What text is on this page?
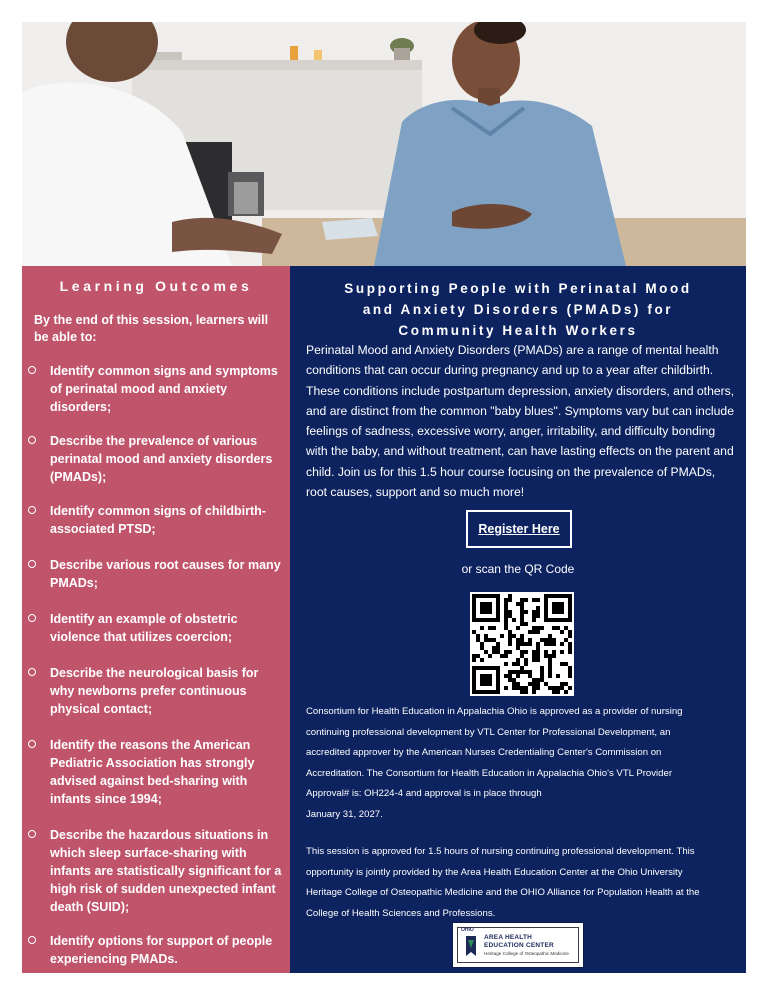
Learning Outcomes
By the end of this session, learners will be able to:
Identify common signs and symptoms of perinatal mood and anxiety disorders;
Describe the prevalence of various perinatal mood and anxiety disorders (PMADs);
Identify common signs of childbirth-associated PTSD;
Describe various root causes for many PMADs;
Identify an example of obstetric violence that utilizes coercion;
Describe the neurological basis for why newborns prefer continuous physical contact;
Identify the reasons the American Pediatric Association has strongly advised against bed-sharing with infants since 1994;
Describe the hazardous situations in which sleep surface-sharing with infants are statistically significant for a high risk of sudden unexpected infant death (SUID);
Identify options for support of people experiencing PMADs.
Supporting People with Perinatal Mood
and Anxiety Disorders (PMADs) for
Community Health Workers
Perinatal Mood and Anxiety Disorders (PMADs) are a range of mental health conditions that can occur during pregnancy and up to a year after childbirth. These conditions include postpartum depression, anxiety disorders, and others, and are distinct from the common "baby blues". Symptoms vary but can include feelings of sadness, excessive worry, anger, irritability, and difficulty bonding with the baby, and without treatment, can have lasting effects on the parent and child. Join us for this 1.5 hour course focusing on the prevalence of PMADs, root causes, support and so much more!
Register Here
or scan the QR Code
Consortium for Health Education in Appalachia Ohio is approved as a provider of nursing
continuing professional development by VTL Center for Professional Development, an
accredited approver by the American Nurses Credentialing Center's Commission on
Accreditation. The Consortium for Health Education in Appalachia Ohio's VTL Provider
Approval# is: OH224-4 and approval is in place through
January 31, 2027.
This session is approved for 1.5 hours of nursing continuing professional development. This
opportunity is jointly provided by the Area Health Education Center at the Ohio University
Heritage College of Osteopathic Medicine and the OHIO Alliance for Population Health at the
College of Health Sciences and Professions.
OHIO
AREA HEALTH
EDUCATION CENTER
Heritage College of Osteopathic Medicine
